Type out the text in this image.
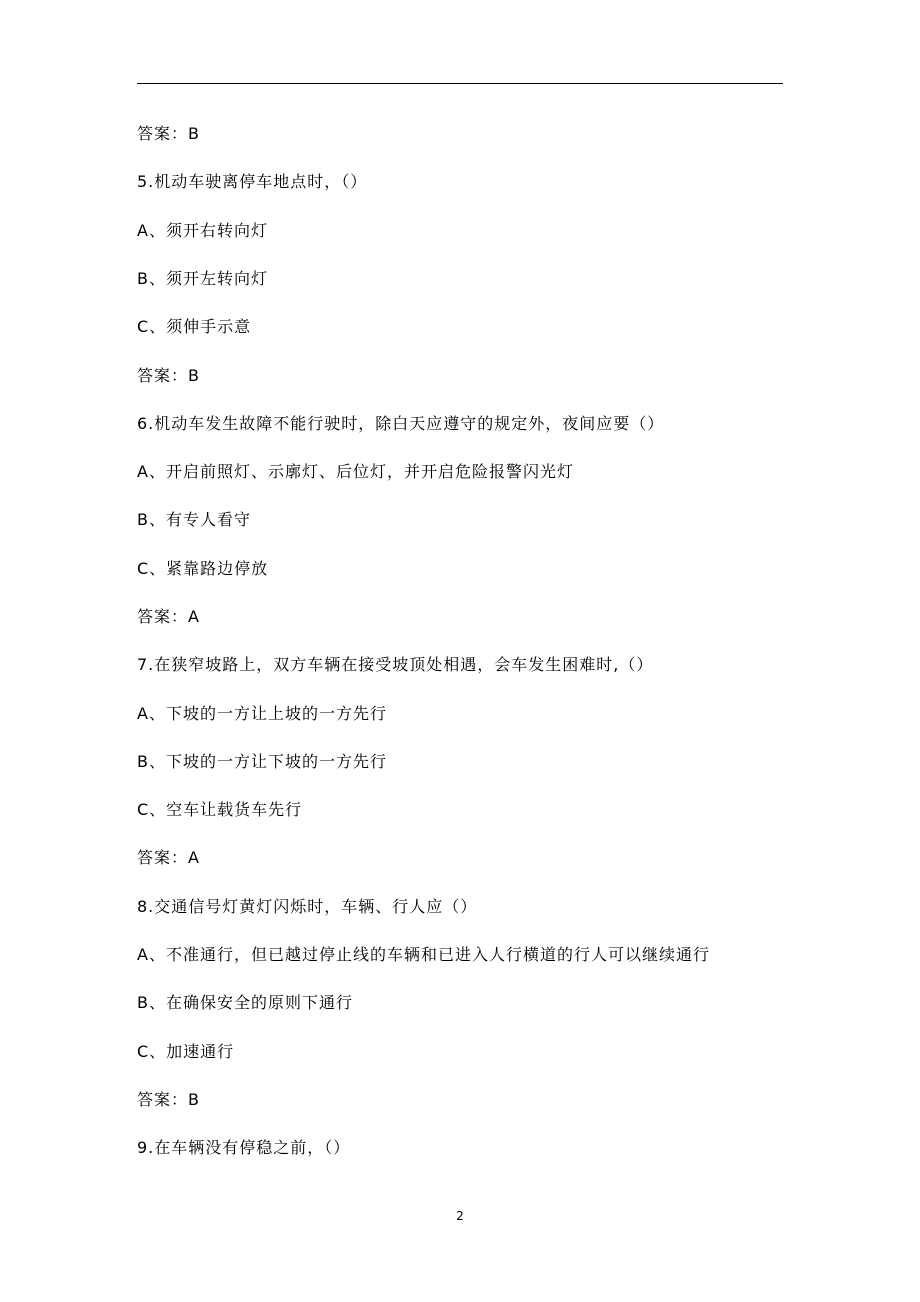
答案：B
5.机动车驶离停车地点时，（）
A、须开右转向灯
B、须开左转向灯
C、须伸手示意
答案：B
6.机动车发生故障不能行驶时，除白天应遵守的规定外，夜间应要（）
A、开启前照灯、示廓灯、后位灯，并开启危险报警闪光灯
B、有专人看守
C、紧靠路边停放
答案：A
7.在狭窄坡路上，双方车辆在接受坡顶处相遇，会车发生困难时,（）
A、下坡的一方让上坡的一方先行
B、下坡的一方让下坡的一方先行
C、空车让载货车先行
答案：A
8.交通信号灯黄灯闪烁时，车辆、行人应（）
A、不准通行，但已越过停止线的车辆和已进入人行横道的行人可以继续通行
B、在确保安全的原则下通行
C、加速通行
答案：B
9.在车辆没有停稳之前，（）
2
